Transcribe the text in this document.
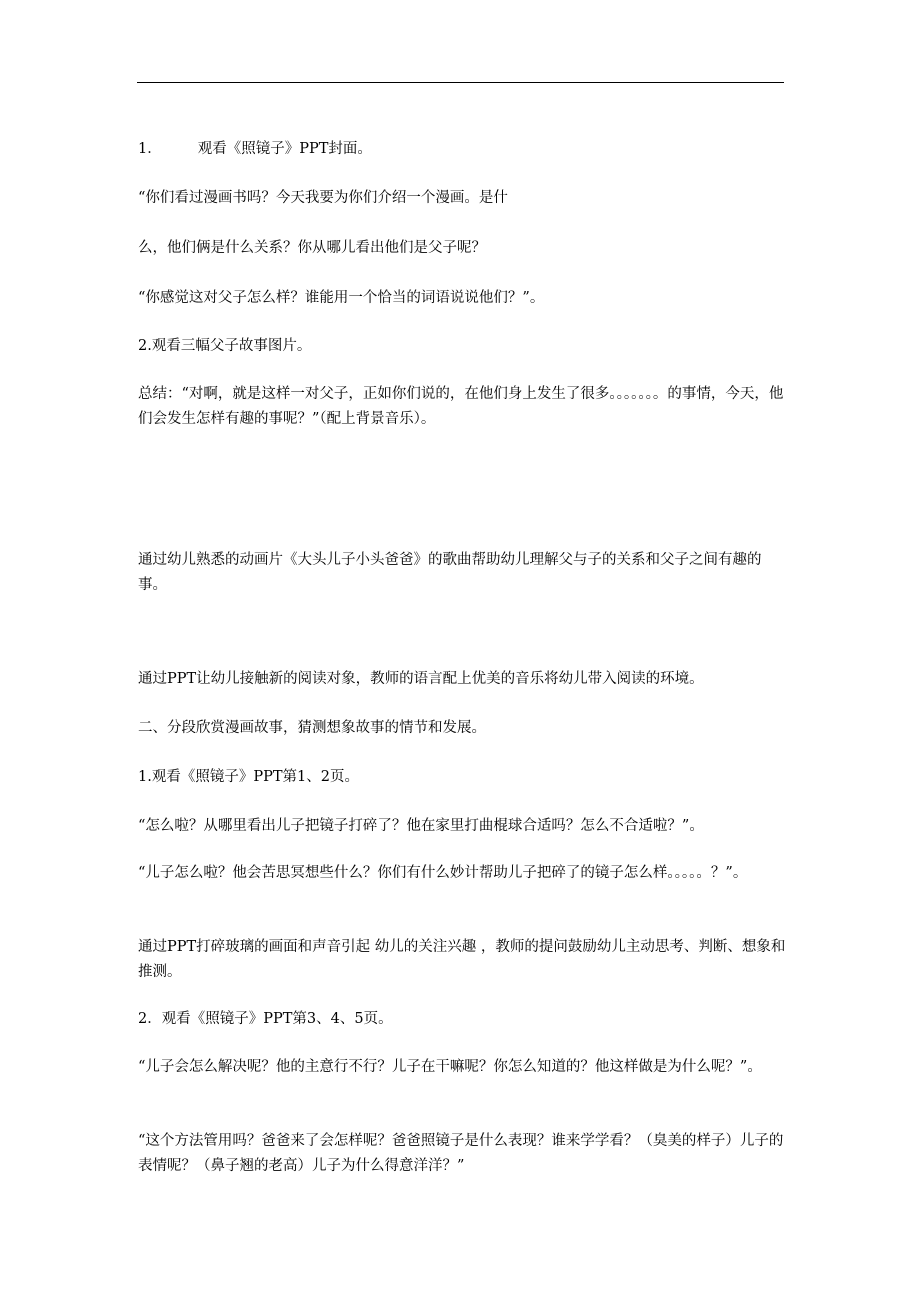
1． 观看《照镜子》PPT封面。

“你们看过漫画书吗？今天我要为你们介绍一个漫画。是什

么，他们俩是什么关系？你从哪儿看出他们是父子呢？

“你感觉这对父子怎么样？谁能用一个恰当的词语说说他们？”。

2.观看三幅父子故事图片。

总结：“对啊，就是这样一对父子，正如你们说的，在他们身上发生了很多。。。。。。。的事情，今天，他们会发生怎样有趣的事呢？”（配上背景音乐）。

通过幼儿熟悉的动画片《大头儿子小头爸爸》的歌曲帮助幼儿理解父与子的关系和父子之间有趣的事。

通过PPT让幼儿接触新的阅读对象，教师的语言配上优美的音乐将幼儿带入阅读的环境。

二、分段欣赏漫画故事，猜测想象故事的情节和发展。

1.观看《照镜子》PPT第1、2页。

“怎么啦？从哪里看出儿子把镜子打碎了？他在家里打曲棍球合适吗？怎么不合适啦？”。

“儿子怎么啦？他会苦思冥想些什么？你们有什么妙计帮助儿子把碎了的镜子怎么样。。。。。？”。

通过PPT打碎玻璃的画面和声音引起 幼儿的关注兴趣 ，教师的提问鼓励幼儿主动思考、判断、想象和推测。

2．观看《照镜子》PPT第3、4、5页。

“儿子会怎么解决呢？他的主意行不行？儿子在干嘛呢？你怎么知道的？他这样做是为什么呢？”。

“这个方法管用吗？爸爸来了会怎样呢？爸爸照镜子是什么表现？谁来学学看？（臭美的样子）儿子的表情呢？（鼻子翘的老高）儿子为什么得意洋洋？”
